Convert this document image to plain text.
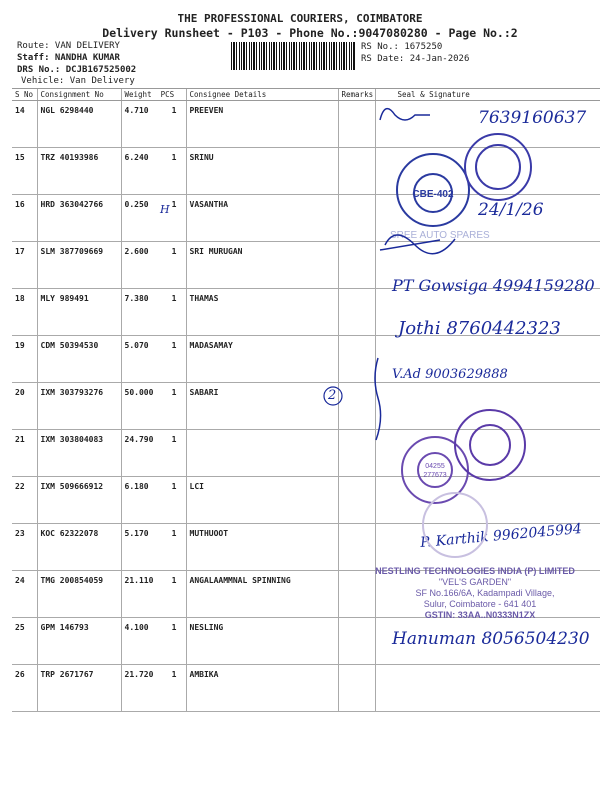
THE PROFESSIONAL COURIERS, COIMBATORE
Delivery Runsheet - P103 - Phone No.:9047080280 - Page No.:2
Route: VAN DELIVERY
Staff: NANDHA KUMAR
DRS No.: DCJB167525002
Vehicle: Van Delivery
RS No.: 1675250
RS Date: 24-Jan-2026
S No	Consignment No	Weight PCS	Consignee Details	Remarks	Seal & Signature
14	NGL 6298440	4.710 1	PREEVEN		
15	TRZ 40193986	6.240 1	SRINU		
16	HRD 363042766	0.250 1	VASANTHA		
17	SLM 387709669	2.600 1	SRI MURUGAN		
18	MLY 989491	7.380 1	THAMAS		
19	CDM 50394530	5.070 1	MADASAMAY		
20	IXM 303793276	50.000 1	SABARI		
21	IXM 303804083	24.790 1			

22	IXM 509666912	6.180 1	LCI		
23	KOC 62322078	5.170 1	MUTHUOOT		
24	TMG 200854059	21.110 1	ANGALAAMMNAL SPINNING		
25	GPM 146793	4.100 1	NESLING		
26	TRP 2671767	21.720 1	AMBIKA		
7639160637
H	24/1/26
PT Gowsiga 4994159280
Jothi 8760442323
V.Ad 9003629888
2
P. Karthik 9962045994
Hanuman 8056504230
CBE-402
SREE AUTO SPARES
04255
277673
NESTLING TECHNOLOGIES INDIA (P) LIMITED
"VEL'S GARDEN"
SF No.166/6A, Kadampadi Village,
Sulur, Coimbatore - 641 401
GSTIN: 33AA..N0333N1ZX
